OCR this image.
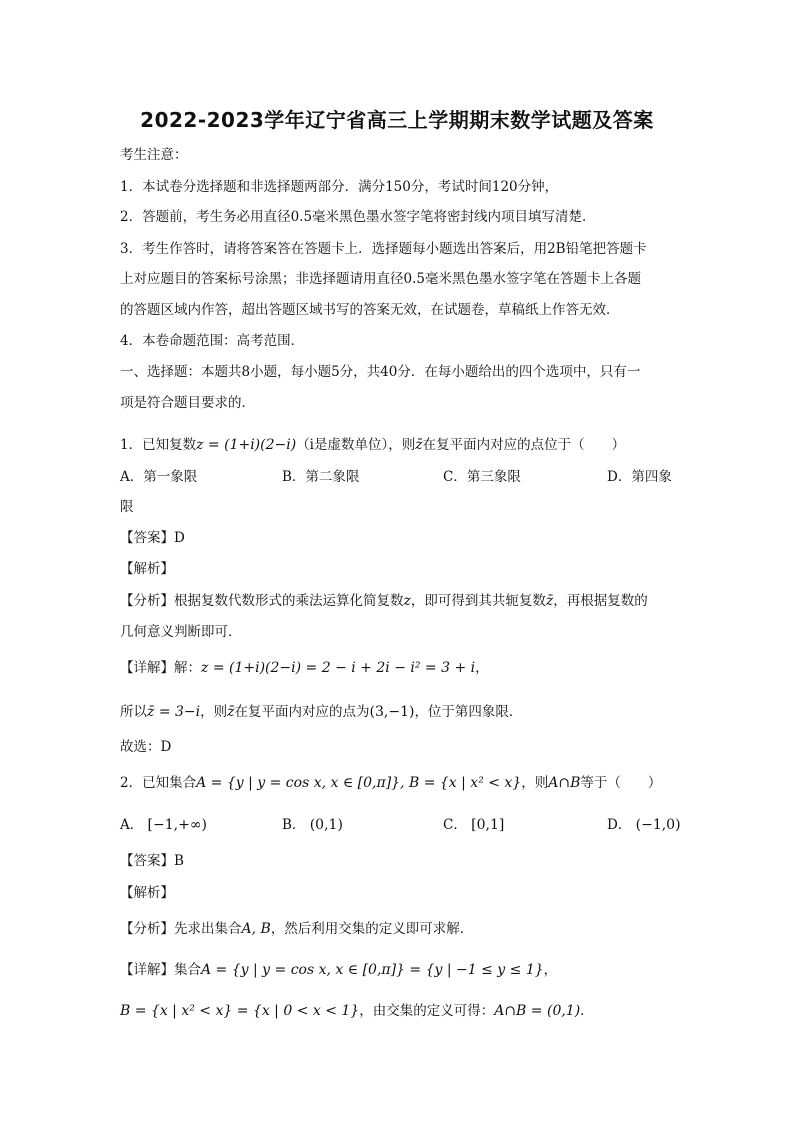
2022-2023学年辽宁省高三上学期期末数学试题及答案
考生注意：
1．本试卷分选择题和非选择题两部分．满分150分，考试时间120分钟，
2．答题前，考生务必用直径0.5毫米黑色墨水签字笔将密封线内项目填写清楚．
3．考生作答时，请将答案答在答题卡上．选择题每小题选出答案后，用2B铅笔把答题卡
上对应题目的答案标号涂黑；非选择题请用直径0.5毫米黑色墨水签字笔在答题卡上各题
的答题区域内作答，超出答题区域书写的答案无效，在试题卷，草稿纸上作答无效．
4．本卷命题范围：高考范围．
一、选择题：本题共8小题，每小题5分，共40分．在每小题给出的四个选项中，只有一
项是符合题目要求的．
1．已知复数z = (1+i)(2−i)（i是虚数单位），则z̄在复平面内对应的点位于（　　）
A．第一象限	B．第二象限	C．第三象限	D．第四象
限
【答案】D
【解析】
【分析】根据复数代数形式的乘法运算化简复数z，即可得到其共轭复数z̄，再根据复数的
几何意义判断即可．
【详解】解：z = (1+i)(2−i) = 2 − i + 2i − i² = 3 + i，
所以z̄ = 3−i，则z̄在复平面内对应的点为(3,−1)，位于第四象限．
故选：D
2．已知集合A = {y | y = cos x, x ∈ [0,π]}, B = {x | x² < x}，则A∩B等于（　　）
A． [−1,+∞)	B． (0,1)	C． [0,1]	D． (−1,0)
【答案】B
【解析】
【分析】先求出集合A, B，然后利用交集的定义即可求解．
【详解】集合A = {y | y = cos x, x ∈ [0,π]} = {y | −1 ≤ y ≤ 1}，
B = {x | x² < x} = {x | 0 < x < 1}，由交集的定义可得：A∩B = (0,1)．
